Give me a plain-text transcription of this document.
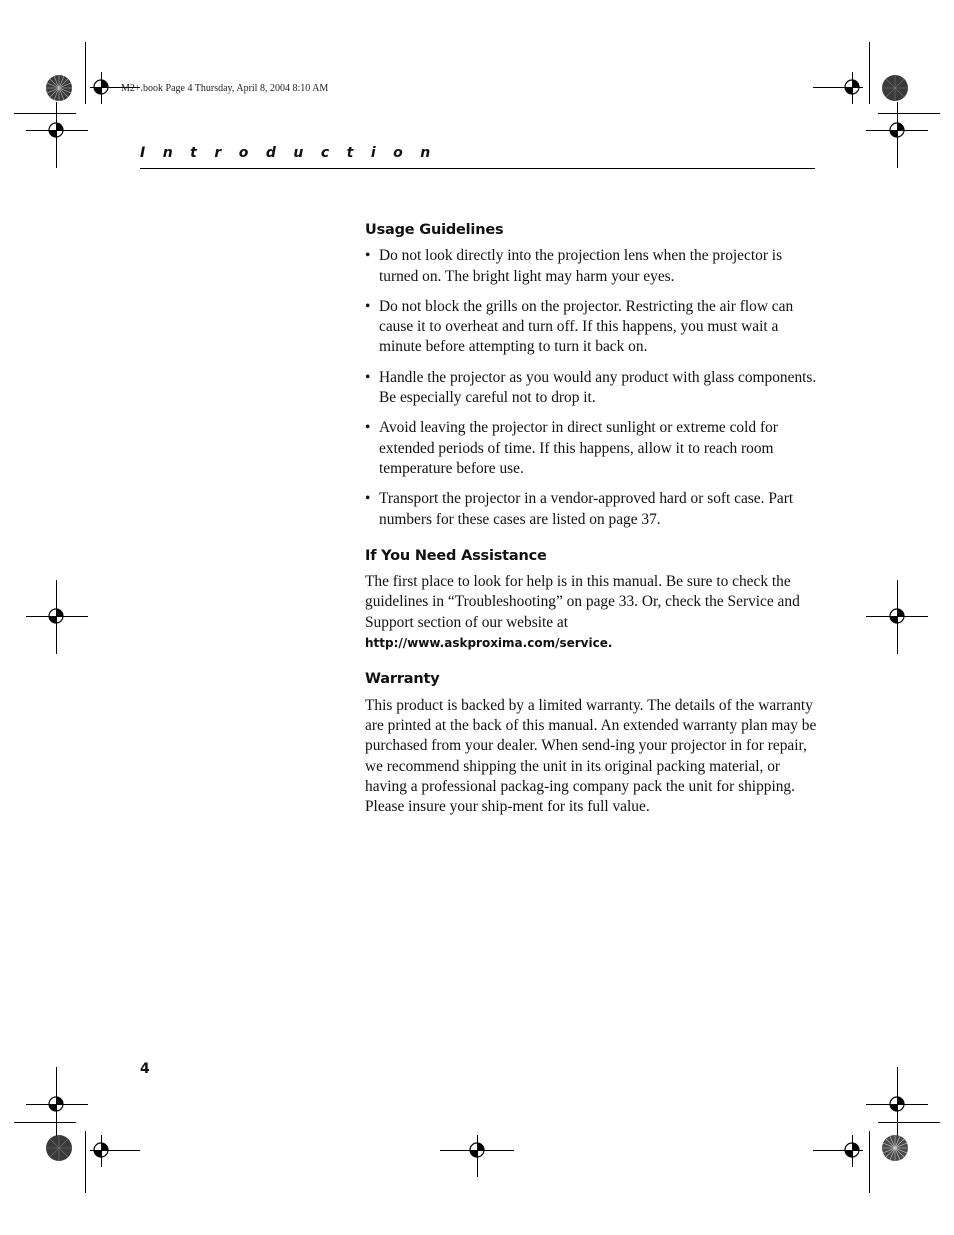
M2+.book Page 4 Thursday, April 8, 2004 8:10 AM
Introduction
Usage Guidelines
• Do not look directly into the projection lens when the projector is turned on. The bright light may harm your eyes.
• Do not block the grills on the projector. Restricting the air flow can cause it to overheat and turn off. If this happens, you must wait a minute before attempting to turn it back on.
• Handle the projector as you would any product with glass components. Be especially careful not to drop it.
• Avoid leaving the projector in direct sunlight or extreme cold for extended periods of time. If this happens, allow it to reach room temperature before use.
• Transport the projector in a vendor-approved hard or soft case. Part numbers for these cases are listed on page 37.
If You Need Assistance

The first place to look for help is in this manual. Be sure to check the guidelines in “Troubleshooting” on page 33. Or, check the Service and Support section of our website at
http://www.askproxima.com/service.

Warranty

This product is backed by a limited warranty. The details of the warranty are printed at the back of this manual. An extended warranty plan may be purchased from your dealer. When send-ing your projector in for repair, we recommend shipping the unit in its original packing material, or having a professional packag-ing company pack the unit for shipping. Please insure your ship-ment for its full value.

4
